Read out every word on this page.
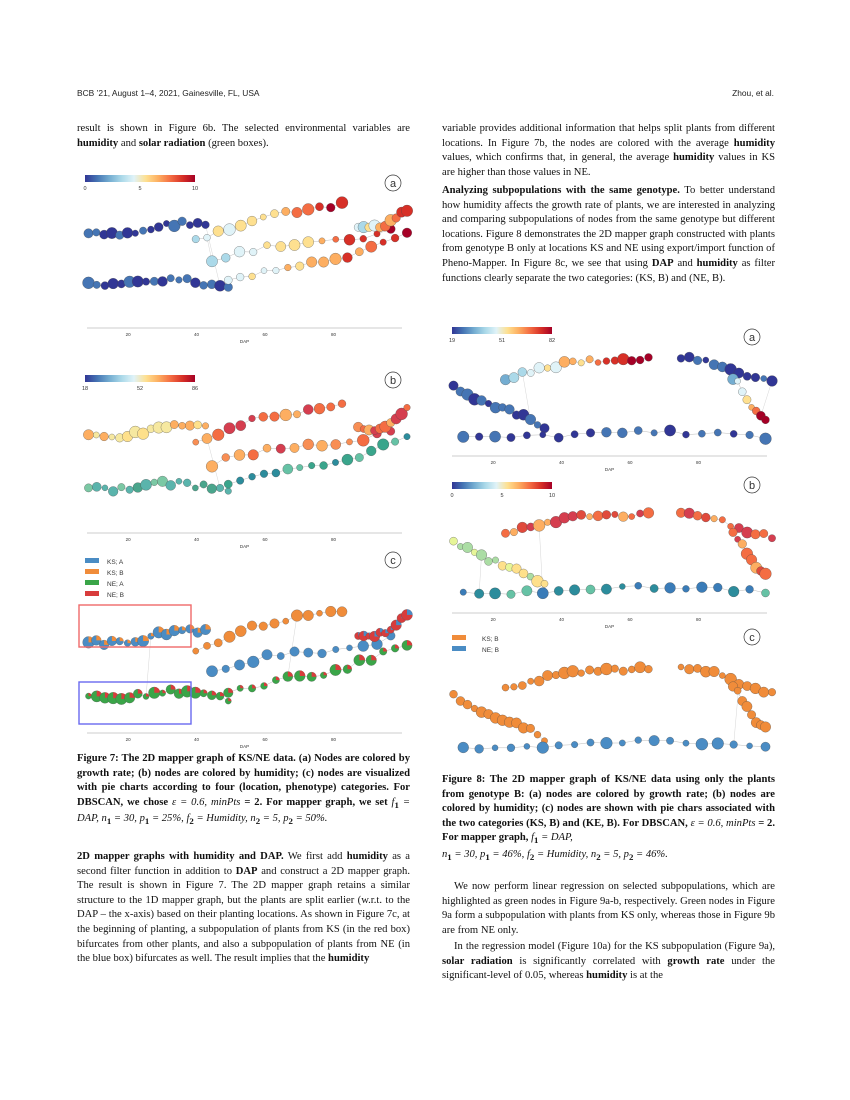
BCB ’21, August 1–4, 2021, Gainesville, FL, USA	Zhou, et al.

result is shown in Figure 6b. The selected environmental variables are humidity and solar radiation (green boxes).

0	5	10	a
20	40	60	80
DAP
18	52	86
b
20	40	60	80
DAP
KS; A
KS; B
NE; A
NE; B
c
20	40	60	80
DAP
Figure 7: The 2D mapper graph of KS/NE data. (a) Nodes are colored by growth rate; (b) nodes are colored by humidity; (c) nodes are visualized with pie charts according to four (location, phenotype) categories. For DBSCAN, we chose ε = 0.6, minPts = 2. For mapper graph, we set $f_1$ = DAP, $n_1 = 30$, $p_1 = 25\%$, $f_2$ = Humidity, $n_2 = 5$, $p_2 = 50\%$.

2D mapper graphs with humidity and DAP. We first add humidity as a second filter function in addition to DAP and construct a 2D mapper graph. The result is shown in Figure 7. The 2D mapper graph retains a similar structure to the 1D mapper graph, but the plants are split earlier (w.r.t. to the DAP – the x-axis) based on their planting locations. As shown in Figure 7c, at the beginning of planting, a subpopulation of plants from KS (in the red box) bifurcates from other plants, and also a subpopulation of plants from NE (in the blue box) bifurcates as well. The result implies that the humidity

variable provides additional information that helps split plants from different locations. In Figure 7b, the nodes are colored with the average humidity values, which confirms that, in general, the average humidity values in KS are higher than those values in NE.

Analyzing subpopulations with the same genotype. To better understand how humidity affects the growth rate of plants, we are interested in analyzing and comparing subpopulations of nodes from the same genotype but different locations. Figure 8 demonstrates the 2D mapper graph constructed with plants from genotype B only at locations KS and NE using export/import function of Pheno-Mapper. In Figure 8c, we see that using DAP and humidity as filter functions clearly separate the two categories: (KS, B) and (NE, B).

19	51	82	a
20	40	60	80
DAP
0	5	10
b
20	40	60	80
DAP
KS; B
NE; B
c
Figure 8: The 2D mapper graph of KS/NE data using only the plants from genotype B: (a) nodes are colored by growth rate; (b) nodes are colored by humidity; (c) nodes are shown with pie chars associated with the two categories (KS, B) and (KE, B). For DBSCAN, ε = 0.6, minPts = 2. For mapper graph, $f_1$ = DAP,
$n_1 = 30$, $p_1 = 46\%$, $f_2$ = Humidity, $n_2 = 5$, $p_2 = 46\%$.
We now perform linear regression on selected subpopulations, which are highlighted as green nodes in Figure 9a-b, respectively. Green nodes in Figure 9a form a subpopulation with plants from KS only, whereas those in Figure 9b are from NE only.
In the regression model (Figure 10a) for the KS subpopulation (Figure 9a), solar radiation is significantly correlated with growth rate under the significant-level of 0.05, whereas humidity is at the
